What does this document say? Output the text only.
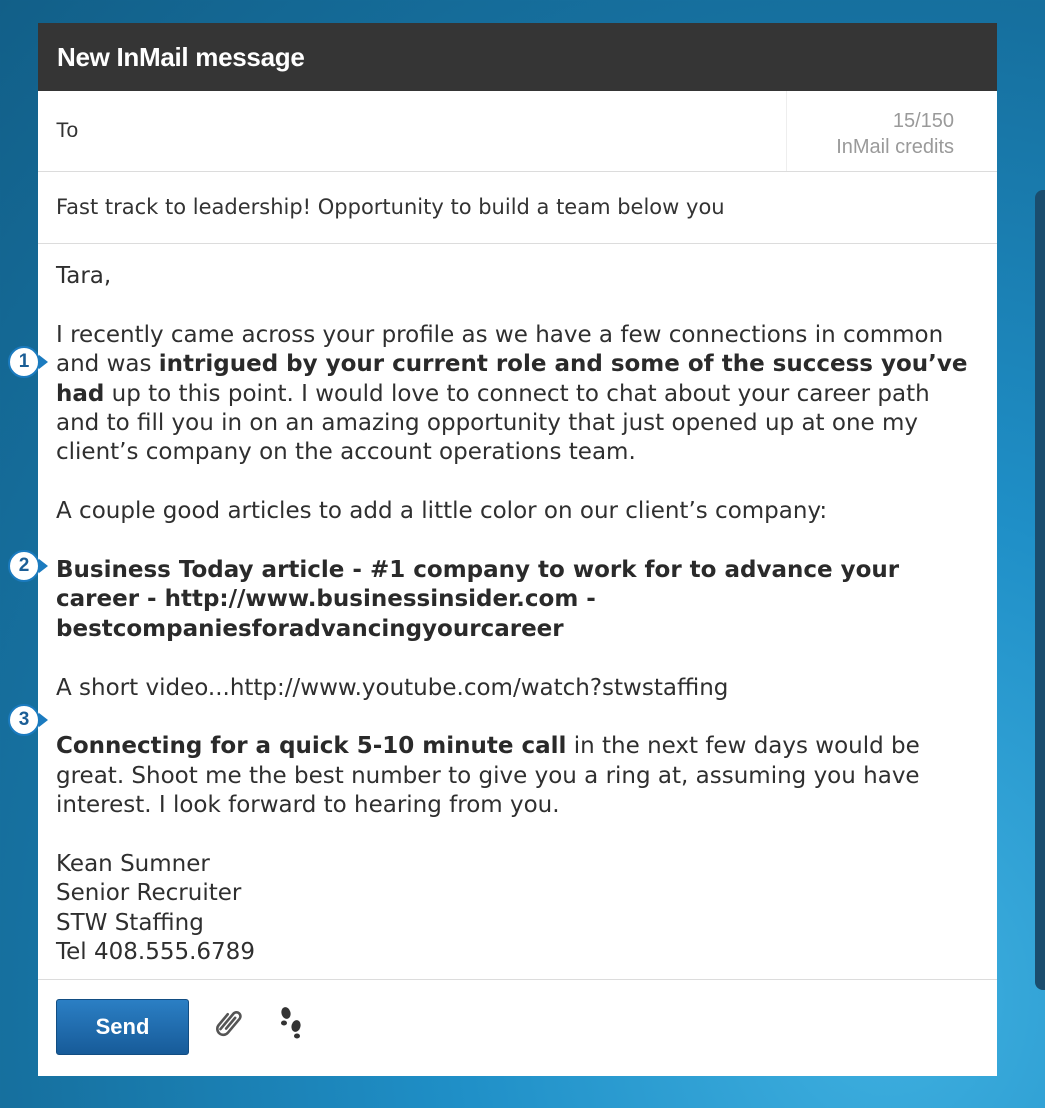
New InMail message
To	15/150
InMail credits
Fast track to leadership! Opportunity to build a team below you

Tara,

I recently came across your profile as we have a few connections in common and was intrigued by your current role and some of the success you’ve had up to this point. I would love to connect to chat about your career path and to fill you in on an amazing opportunity that just opened up at one my client’s company on the account operations team.

A couple good articles to add a little color on our client’s company:

Business Today article - #1 company to work for to advance your career - http://www.businessinsider.com -bestcompaniesforadvancingyourcareer

A short video...http://www.youtube.com/watch?stwstaffing

Connecting for a quick 5-10 minute call in the next few days would be great. Shoot me the best number to give you a ring at, assuming you have interest. I look forward to hearing from you.

Kean Sumner
Senior Recruiter
STW Staffing
Tel 408.555.6789
Send
1
2
3
